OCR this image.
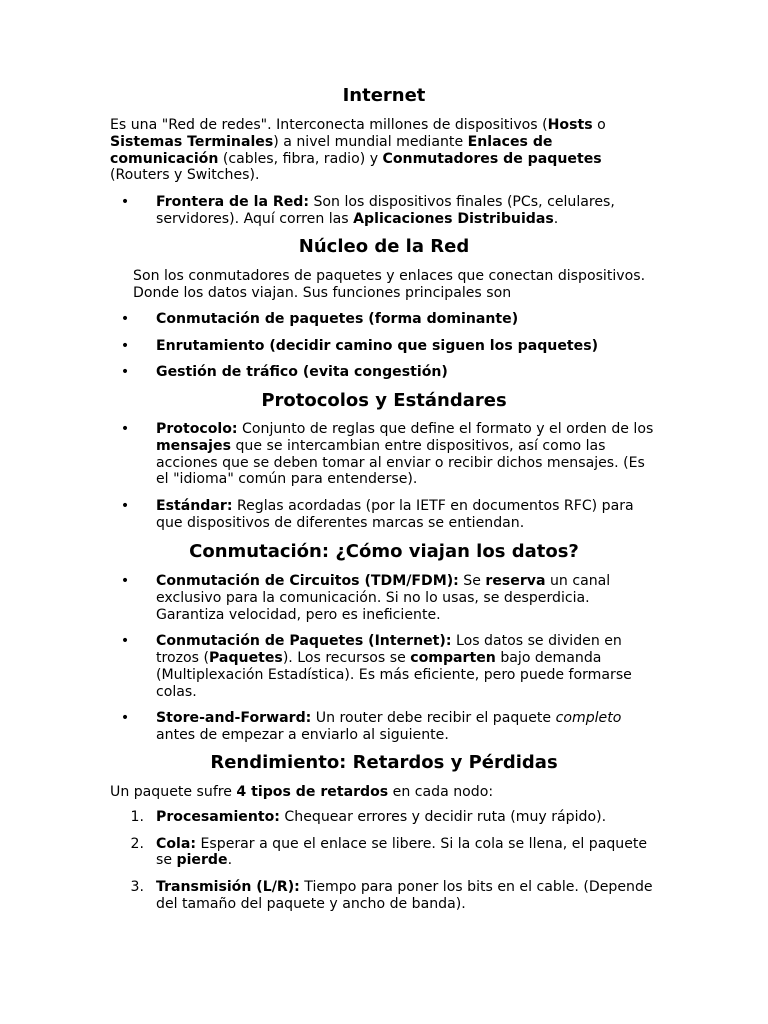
Internet

Es una "Red de redes". Interconecta millones de dispositivos (Hosts o Sistemas Terminales) a nivel mundial mediante Enlaces de comunicación (cables, fibra, radio) y Conmutadores de paquetes (Routers y Switches).

•	Frontera de la Red: Son los dispositivos finales (PCs, celulares, servidores). Aquí corren las Aplicaciones Distribuidas.
Núcleo de la Red

Son los conmutadores de paquetes y enlaces que conectan dispositivos. Donde los datos viajan. Sus funciones principales son

•	Conmutación de paquetes (forma dominante)
•	Enrutamiento (decidir camino que siguen los paquetes)
•	Gestión de tráfico (evita congestión)
Protocolos y Estándares
•	Protocolo: Conjunto de reglas que define el formato y el orden de los mensajes que se intercambian entre dispositivos, así como las acciones que se deben tomar al enviar o recibir dichos mensajes. (Es el "idioma" común para entenderse).
•	Estándar: Reglas acordadas (por la IETF en documentos RFC) para que dispositivos de diferentes marcas se entiendan.
Conmutación: ¿Cómo viajan los datos?
•	Conmutación de Circuitos (TDM/FDM): Se reserva un canal exclusivo para la comunicación. Si no lo usas, se desperdicia. Garantiza velocidad, pero es ineficiente.
•	Conmutación de Paquetes (Internet): Los datos se dividen en trozos (Paquetes). Los recursos se comparten bajo demanda (Multiplexación Estadística). Es más eficiente, pero puede formarse colas.
•	Store-and-Forward: Un router debe recibir el paquete completo antes de empezar a enviarlo al siguiente.
Rendimiento: Retardos y Pérdidas

Un paquete sufre 4 tipos de retardos en cada nodo:

1. Procesamiento: Chequear errores y decidir ruta (muy rápido).
2. Cola: Esperar a que el enlace se libere. Si la cola se llena, el paquete se pierde.
3. Transmisión (L/R): Tiempo para poner los bits en el cable. (Depende del tamaño del paquete y ancho de banda).
